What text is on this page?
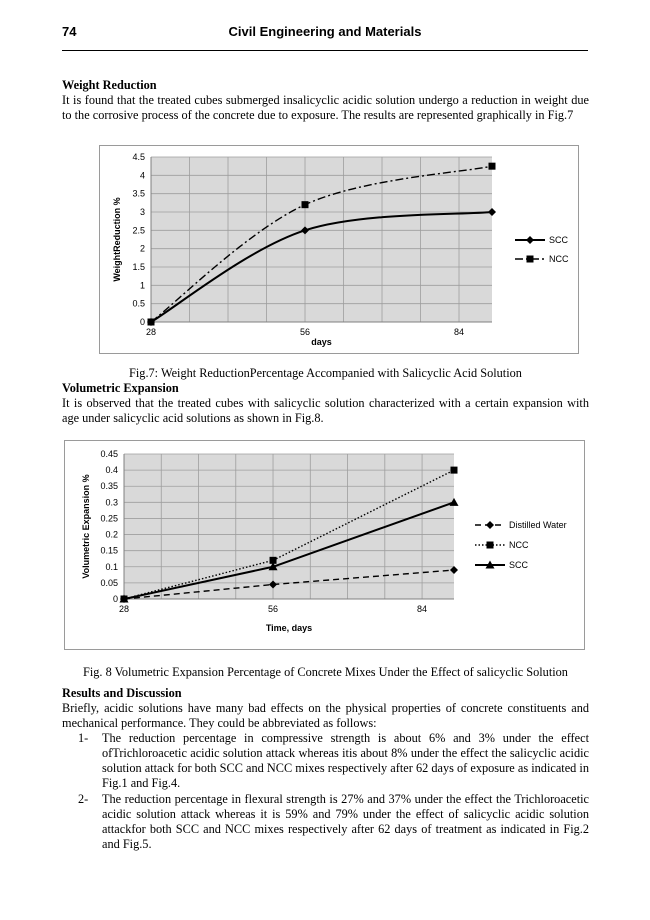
74	Civil Engineering and Materials
Weight Reduction
It is found that the treated cubes submerged insalicyclic acidic solution undergo a reduction in weight due to the corrosive process of the concrete due to exposure. The results are represented graphically in Fig.7
0
0.5
1
1.5
2
2.5
3
3.5
4
4.5
28	56	84
days
WeightReduction %	SCC
NCC
Fig.7: Weight ReductionPercentage Accompanied with Salicyclic Acid Solution
Volumetric Expansion
It is observed that the treated cubes with salicyclic solution characterized with a certain expansion with age under salicyclic acid solutions as shown in Fig.8.
0
0.05
0.1
0.15
0.2
0.25
0.3
0.35
0.4
0.45
28	56	84
Time, days
Volumetric Expansion %	Distilled Water
NCC
SCC
Fig. 8 Volumetric Expansion Percentage of Concrete Mixes Under the Effect of salicyclic Solution
Results and Discussion
Briefly, acidic solutions have many bad effects on the physical properties of concrete constituents and mechanical performance. They could be abbreviated as follows:
1- The reduction percentage in compressive strength is about 6% and 3% under the effect ofTrichloroacetic acidic solution attack whereas itis about 8% under the effect the salicyclic acidic solution attack for both SCC and NCC mixes respectively after 62 days of exposure as indicated in Fig.1 and Fig.4.
2- The reduction percentage in flexural strength is 27% and 37% under the effect the Trichloroacetic acidic solution attack whereas it is 59% and 79% under the effect of salicyclic acidic solution attackfor both SCC and NCC mixes respectively after 62 days of treatment as indicated in Fig.2 and Fig.5.
